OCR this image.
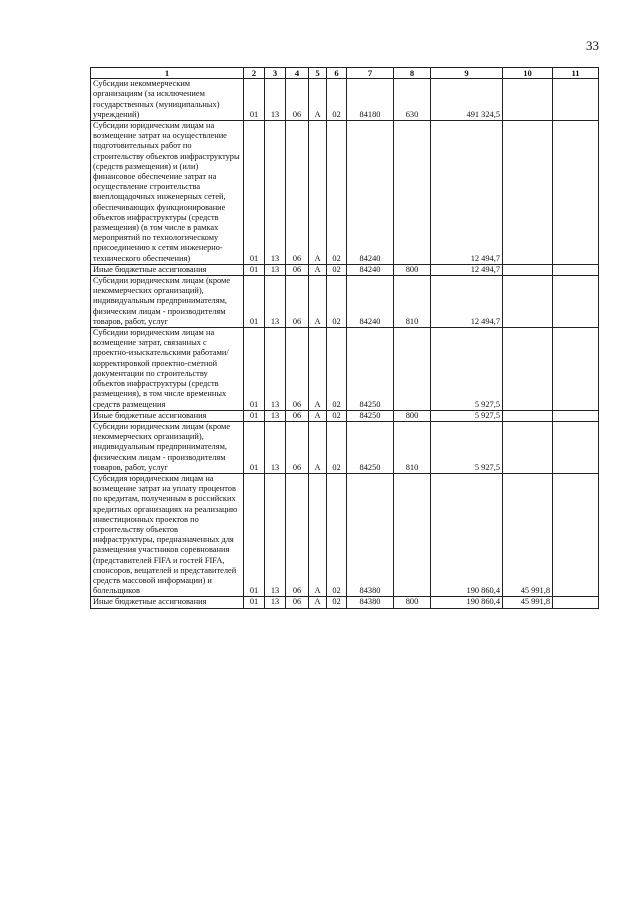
33
1	2	3	4	5	6	7	8	9	10	11
Субсидии некоммерческим организациям (за исключением государственных (муниципальных) учреждений)	01	13	06	А	02	84180	630	491 324,5		
Субсидии юридическим лицам на возмещение затрат на осуществление подготовительных работ по строительству объектов инфраструктуры (средств размещения) и (или) финансовое обеспечение затрат на осуществление строительства внеплощадочных инженерных сетей, обеспечивающих функционирование объектов инфраструктуры (средств размещения) (в том числе в рамках мероприятий по технологическому присоединению к сетям инженерно-технического обеспечения)	01	13	06	А	02	84240		12 494,7		
Иные бюджетные ассигнования	01	13	06	А	02	84240	800	12 494,7		
Субсидии юридическим лицам (кроме некоммерческих организаций), индивидуальным предпринимателям, физическим лицам - производителям товаров, работ, услуг	01	13	06	А	02	84240	810	12 494,7		
Субсидии юридическим лицам на возмещение затрат, связанных с проектно-изыскательскими работами/корректировкой проектно-сметной документации по строительству объектов инфраструктуры (средств размещения), в том числе временных средств размещения	01	13	06	А	02	84250		5 927,5		
Иные бюджетные ассигнования	01	13	06	А	02	84250	800	5 927,5		
Субсидии юридическим лицам (кроме некоммерческих организаций), индивидуальным предпринимателям, физическим лицам - производителям товаров, работ, услуг	01	13	06	А	02	84250	810	5 927,5		
Субсидия юридическим лицам на возмещение затрат на уплату процентов по кредитам, полученным в российских кредитных организациях на реализацию инвестиционных проектов по строительству объектов инфраструктуры, предназначенных для размещения участников соревнования (представителей FIFA и гостей FIFA, спонсоров, вещателей и представителей средств массовой информации) и болельщиков	01	13	06	А	02	84380		190 860,4	45 991,8	
Иные бюджетные ассигнования	01	13	06	А	02	84380	800	190 860,4	45 991,8	
